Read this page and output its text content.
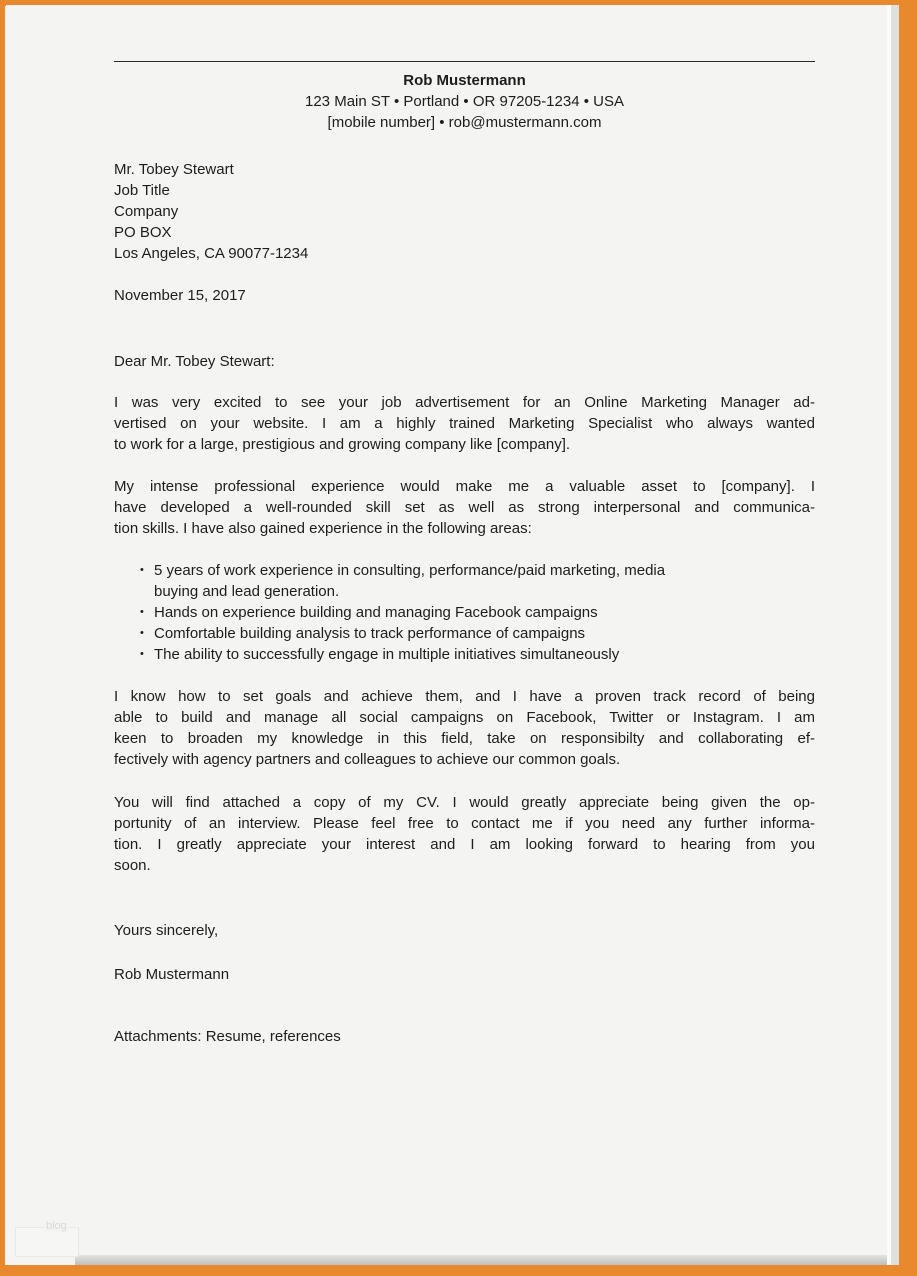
Rob Mustermann
123 Main ST • Portland • OR 97205-1234 • USA
[mobile number] • rob@mustermann.com
Mr. Tobey Stewart
Job Title
Company
PO BOX
Los Angeles, CA 90077-1234
November 15, 2017
Dear Mr. Tobey Stewart:
I was very excited to see your job advertisement for an Online Marketing Manager ad-
vertised on your website. I am a highly trained Marketing Specialist who always wanted
to work for a large, prestigious and growing company like [company].
My intense professional experience would make me a valuable asset to [company]. I
have developed a well-rounded skill set as well as strong interpersonal and communica-
tion skills. I have also gained experience in the following areas:
• 5 years of work experience in consulting, performance/paid marketing, media
buying and lead generation.
• Hands on experience building and managing Facebook campaigns
• Comfortable building analysis to track performance of campaigns
• The ability to successfully engage in multiple initiatives simultaneously
I know how to set goals and achieve them, and I have a proven track record of being
able to build and manage all social campaigns on Facebook, Twitter or Instagram. I am
keen to broaden my knowledge in this field, take on responsibilty and collaborating ef-
fectively with agency partners and colleagues to achieve our common goals.
You will find attached a copy of my CV. I would greatly appreciate being given the op-
portunity of an interview. Please feel free to contact me if you need any further informa-
tion. I greatly appreciate your interest and I am looking forward to hearing from you
soon.
Yours sincerely,
Rob Mustermann
Attachments: Resume, references
blog
